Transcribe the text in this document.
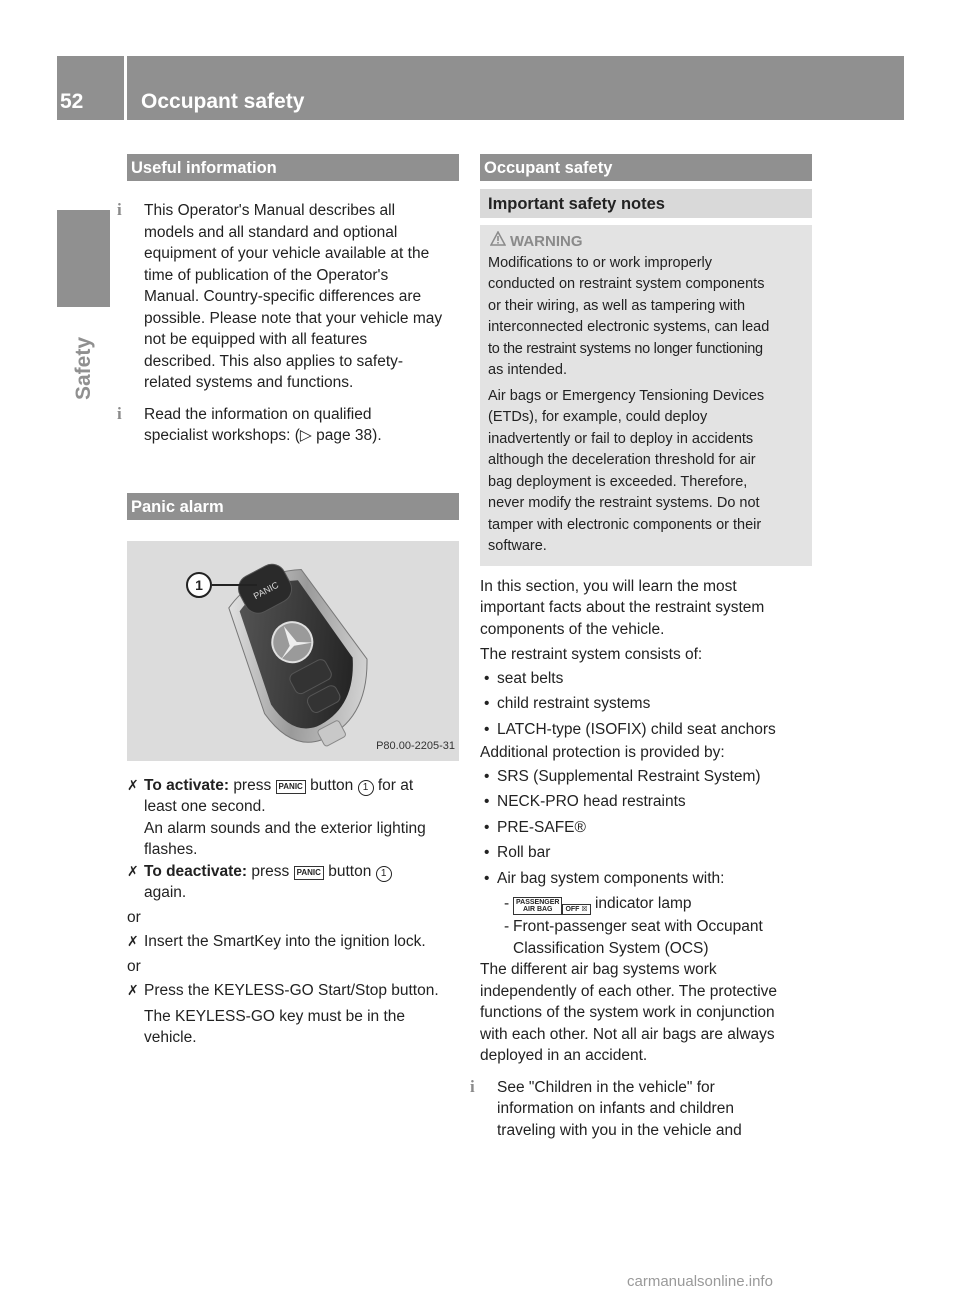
52	Occupant safety
Safety
Useful information
i	This Operator's Manual describes all

models and all standard and optional

equipment of your vehicle available at the

time of publication of the Operator's

Manual. Country-specific differences are

possible. Please note that your vehicle may

not be equipped with all features

described. This also applies to safety-

related systems and functions.

i	Read the information on qualified

specialist workshops: (▷ page 38).

Panic alarm
PANIC
1
P80.00-2205-31
✗ To activate: press PANIC button 1 for at

least one second.

An alarm sounds and the exterior lighting

flashes.

✗ To deactivate: press PANIC button 1

again.

or

✗ Insert the SmartKey into the ignition lock.

or

✗ Press the KEYLESS-GO Start/Stop button.

The KEYLESS-GO key must be in the

vehicle.

Occupant safety
Important safety notes
WARNING

Modifications to or work improperly

conducted on restraint system components

or their wiring, as well as tampering with

interconnected electronic systems, can lead

to the restraint systems no longer functioning

as intended.

Air bags or Emergency Tensioning Devices

(ETDs), for example, could deploy

inadvertently or fail to deploy in accidents

although the deceleration threshold for air

bag deployment is exceeded. Therefore,

never modify the restraint systems. Do not

tamper with electronic components or their

software.

In this section, you will learn the most

important facts about the restraint system

components of the vehicle.

The restraint system consists of:

• seat belts
• child restraint systems
• LATCH-type (ISOFIX) child seat anchors

Additional protection is provided by:

• SRS (Supplemental Restraint System)
• NECK-PRO head restraints
• PRE-SAFE®
• Roll bar
• Air bag system components with:
- PASSENGER
AIR BAG OFF ☒ indicator lamp
- Front-passenger seat with Occupant

Classification System (OCS)

The different air bag systems work

independently of each other. The protective

functions of the system work in conjunction

with each other. Not all air bags are always

deployed in an accident.

i	See "Children in the vehicle" for

information on infants and children

traveling with you in the vehicle and

carmanualsonline.info
